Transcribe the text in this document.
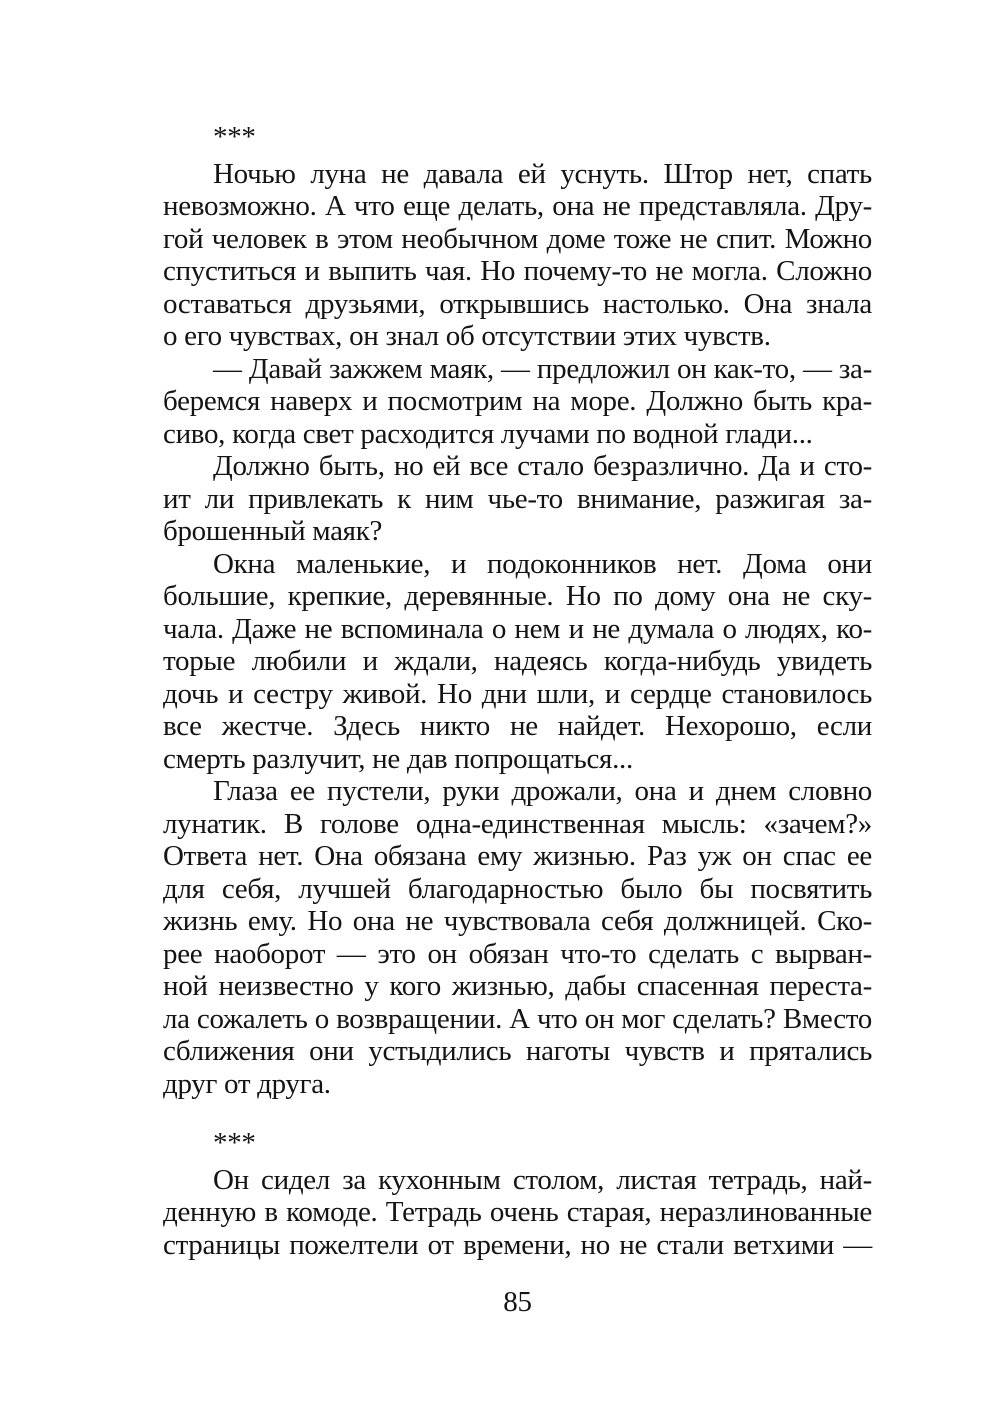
***
Ночью луна не давала ей уснуть. Штор нет, спать
невозможно. А что еще делать, она не представляла. Дру-
гой человек в этом необычном доме тоже не спит. Можно
спуститься и выпить чая. Но почему-то не могла. Сложно
оставаться друзьями, открывшись настолько. Она знала
о его чувствах, он знал об отсутствии этих чувств.
— Давай зажжем маяк, — предложил он как-то, — за-
беремся наверх и посмотрим на море. Должно быть кра-
сиво, когда свет расходится лучами по водной глади...
Должно быть, но ей все стало безразлично. Да и сто-
ит ли привлекать к ним чье-то внимание, разжигая за-
брошенный маяк?
Окна маленькие, и подоконников нет. Дома они
большие, крепкие, деревянные. Но по дому она не ску-
чала. Даже не вспоминала о нем и не думала о людях, ко-
торые любили и ждали, надеясь когда-нибудь увидеть
дочь и сестру живой. Но дни шли, и сердце становилось
все жестче. Здесь никто не найдет. Нехорошо, если
смерть разлучит, не дав попрощаться...
Глаза ее пустели, руки дрожали, она и днем словно
лунатик. В голове одна-единственная мысль: «зачем?»
Ответа нет. Она обязана ему жизнью. Раз уж он спас ее
для себя, лучшей благодарностью было бы посвятить
жизнь ему. Но она не чувствовала себя должницей. Ско-
рее наоборот — это он обязан что-то сделать с вырван-
ной неизвестно у кого жизнью, дабы спасенная переста-
ла сожалеть о возвращении. А что он мог сделать? Вместо
сближения они устыдились наготы чувств и прятались
друг от друга.
***
Он сидел за кухонным столом, листая тетрадь, най-
денную в комоде. Тетрадь очень старая, неразлинованные
страницы пожелтели от времени, но не стали ветхими —
85
